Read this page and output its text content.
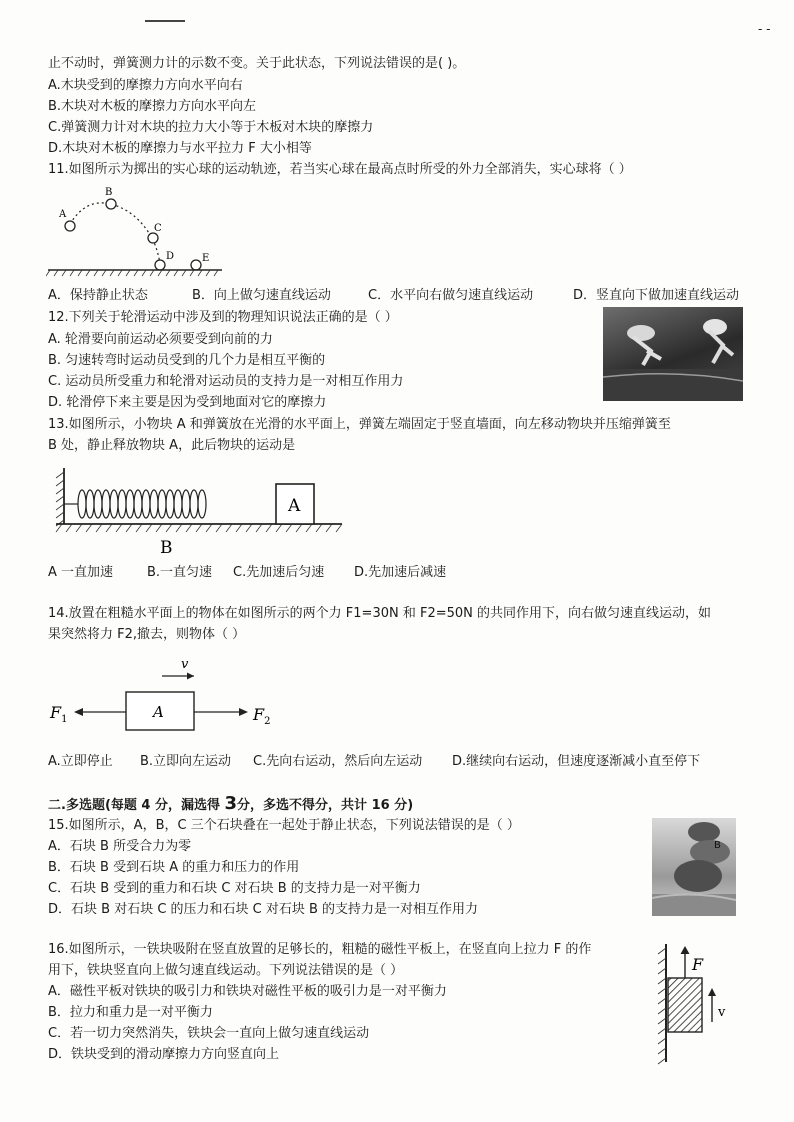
- -
止不动时，弹簧测力计的示数不变。关于此状态，下列说法错误的是( )。
A.木块受到的摩擦力方向水平向右
B.木块对木板的摩擦力方向水平向左
C.弹簧测力计对木块的拉力大小等于木板对木块的摩擦力
D.木块对木板的摩擦力与水平拉力 F 大小相等
11.如图所示为掷出的实心球的运动轨迹，若当实心球在最高点时所受的外力全部消失，实心球将（ ）
A
B
C
D	E
A．保持静止状态	B．向上做匀速直线运动	C．水平向右做匀速直线运动	D．竖直向下做加速直线运动
12.下列关于轮滑运动中涉及到的物理知识说法正确的是（ ）
A. 轮滑要向前运动必须要受到向前的力
B. 匀速转弯时运动员受到的几个力是相互平衡的
C. 运动员所受重力和轮滑对运动员的支持力是一对相互作用力
D. 轮滑停下来主要是因为受到地面对它的摩擦力
13.如图所示，小物块 A 和弹簧放在光滑的水平面上，弹簧左端固定于竖直墙面，向左移动物块并压缩弹簧至
B 处，静止释放物块 A，此后物块的运动是
A
B
A 一直加速	B.一直匀速 C.先加速后匀速 D.先加速后减速
14.放置在粗糙水平面上的物体在如图所示的两个力 F1=30N 和 F2=50N 的共同作用下，向右做匀速直线运动，如
果突然将力 F2,撤去，则物体（ ）
v
A
$F_1$	$F_2$
A.立即停止 B.立即向左运动 C.先向右运动，然后向左运动 D.继续向右运动，但速度逐渐减小直至停下
二.多选题(每题 4 分，漏选得 3分，多选不得分，共计 16 分)
15.如图所示，A，B，C 三个石块叠在一起处于静止状态，下列说法错误的是（ ）
A．石块 B 所受合力为零
B．石块 B 受到石块 A 的重力和压力的作用
C．石块 B 受到的重力和石块 C 对石块 B 的支持力是一对平衡力
D．石块 B 对石块 C 的压力和石块 C 对石块 B 的支持力是一对相互作用力
B
16.如图所示，一铁块吸附在竖直放置的足够长的，粗糙的磁性平板上，在竖直向上拉力 F 的作
用下，铁块竖直向上做匀速直线运动。下列说法错误的是（ ）
A．磁性平板对铁块的吸引力和铁块对磁性平板的吸引力是一对平衡力
B．拉力和重力是一对平衡力
C．若一切力突然消失，铁块会一直向上做匀速直线运动
D．铁块受到的滑动摩擦力方向竖直向上
F
v
